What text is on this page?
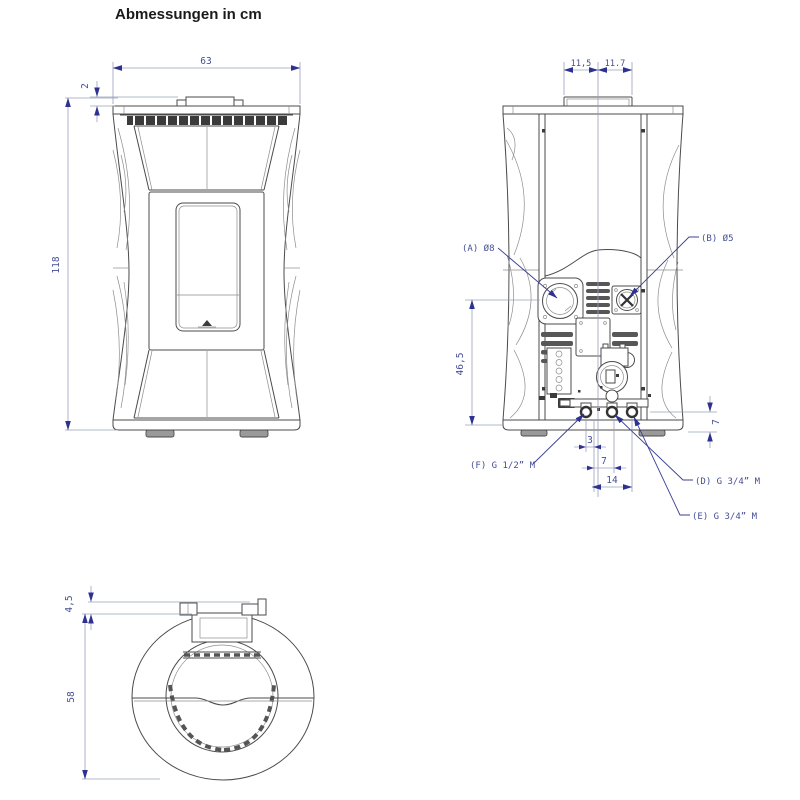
Abmessungen in cm
63
2
118
11,5 11.7
46,5
7
3
7
14
(A) Ø8
(B) Ø5
(F) G 1/2” M
(D) G 3/4” M
(E) G 3/4” M
4,5
58
